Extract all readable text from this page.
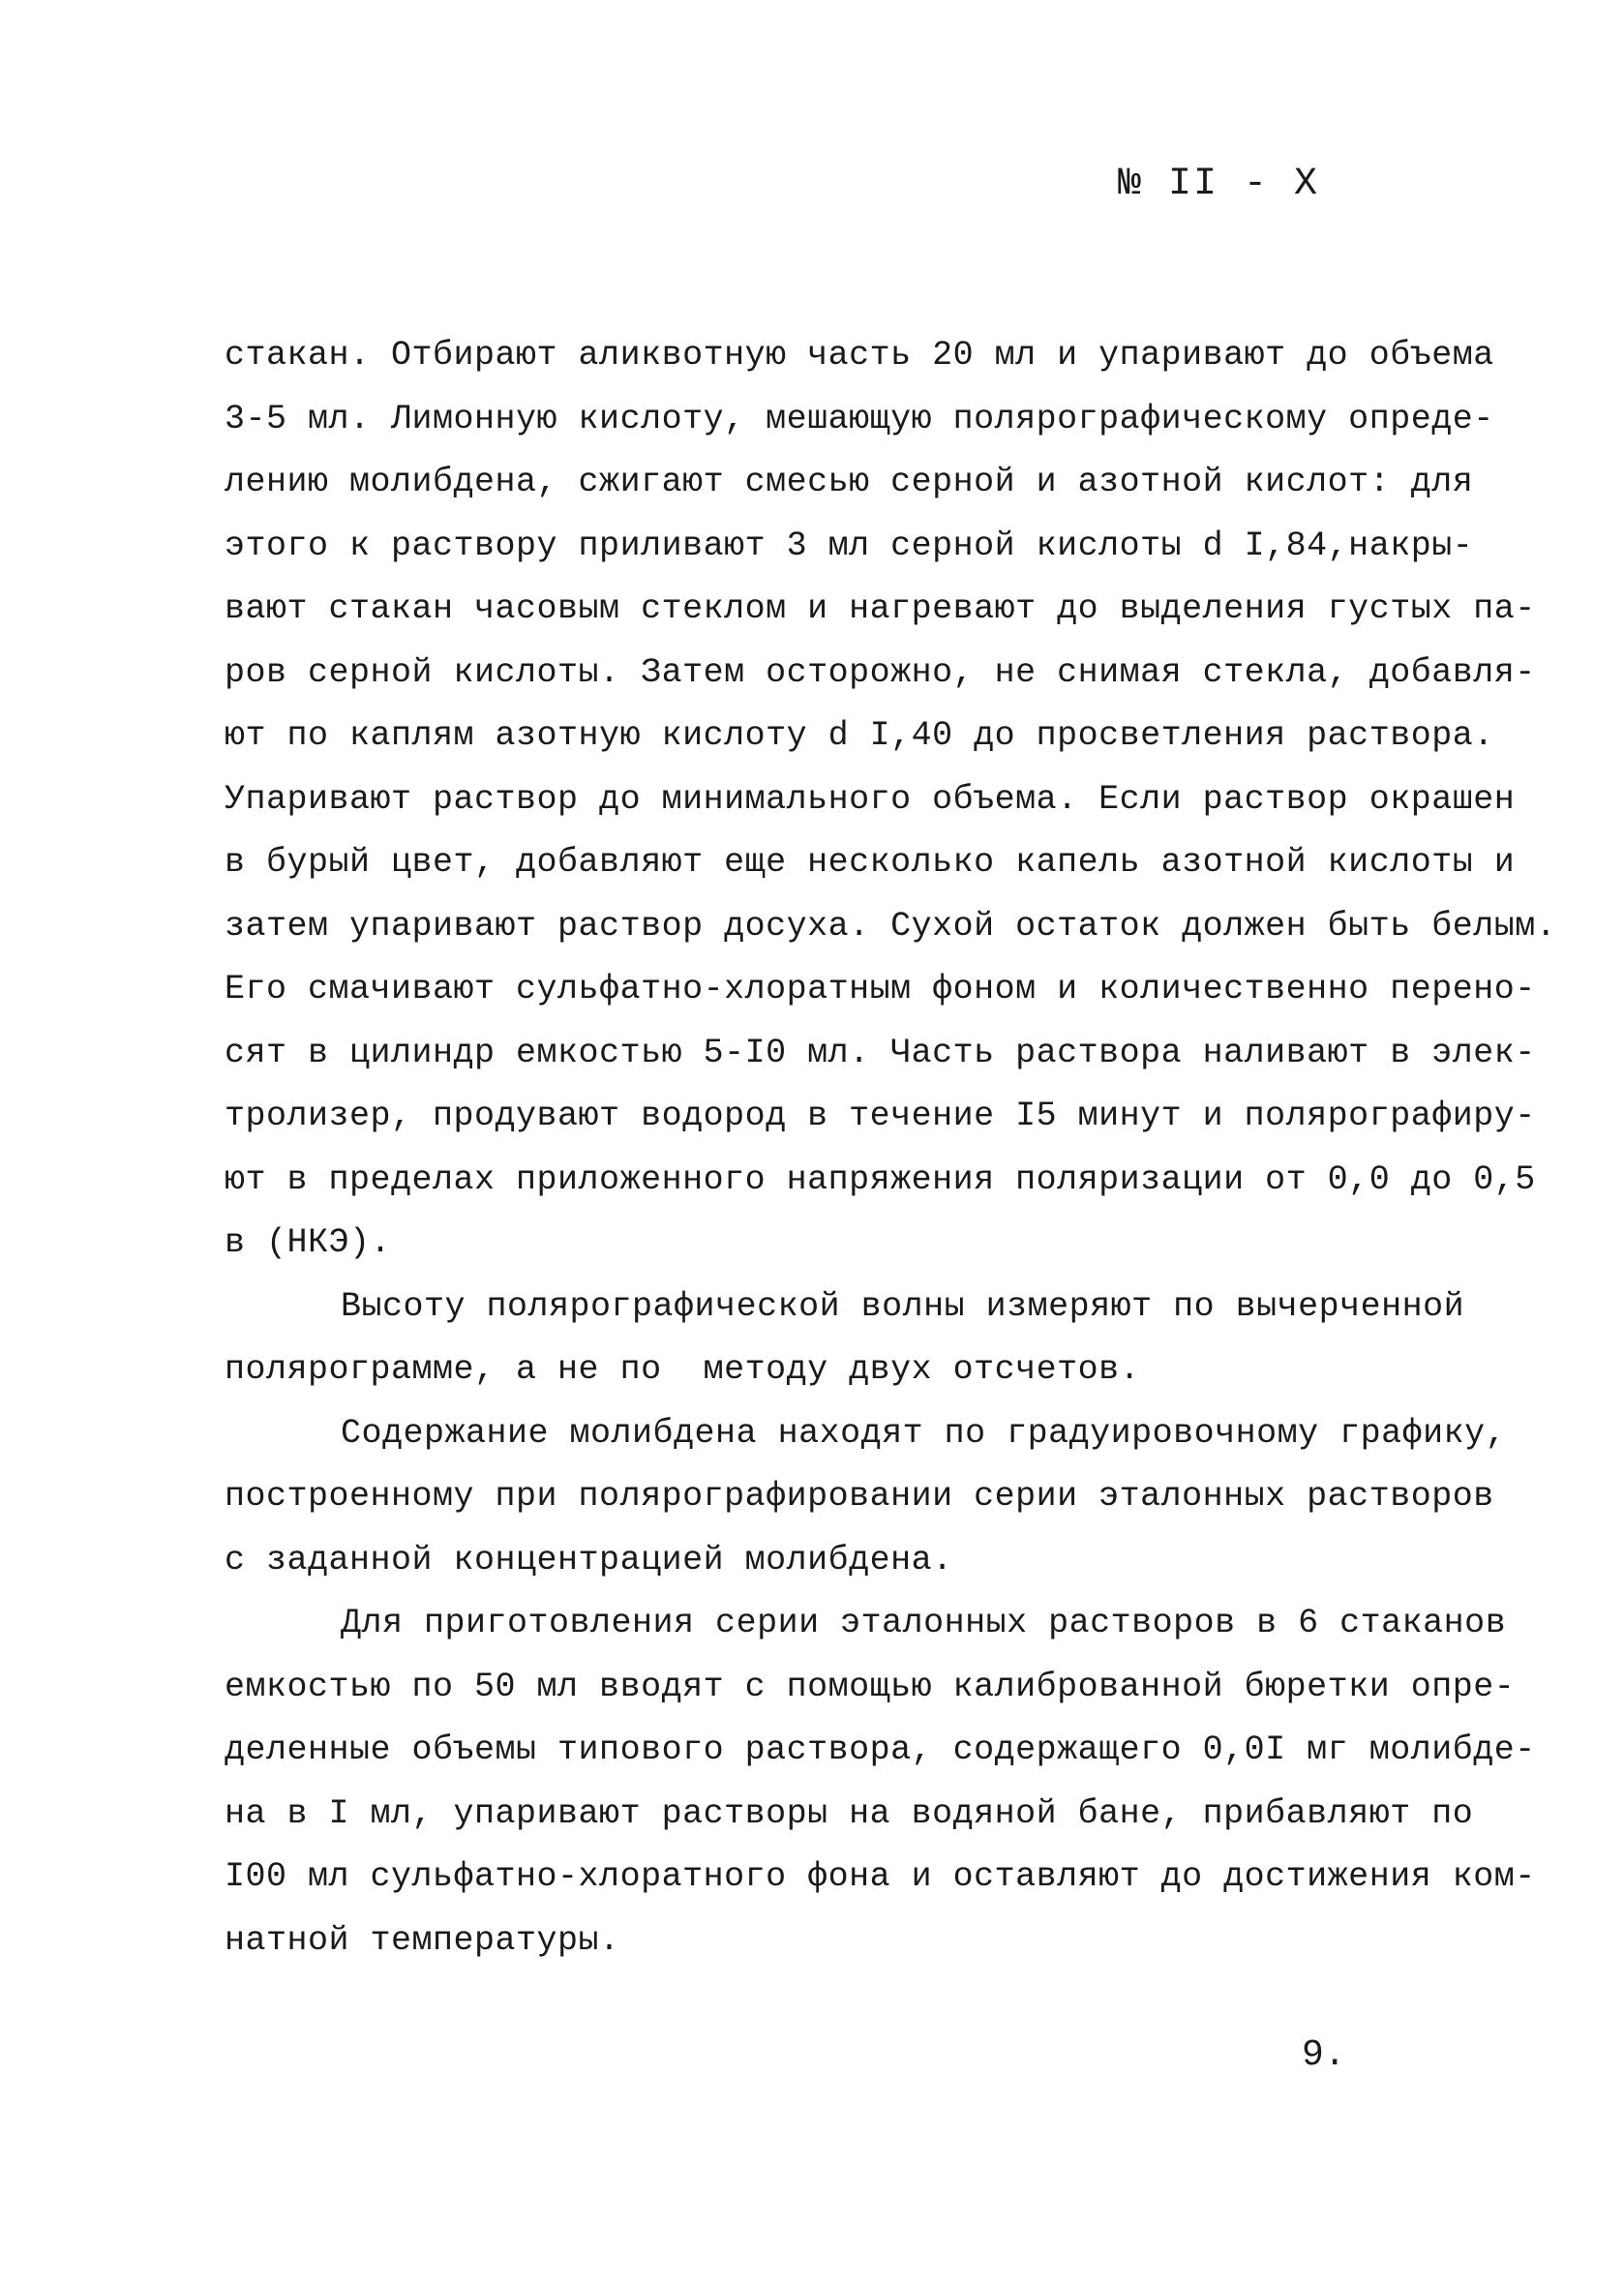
№ II - X
стакан. Отбирают аликвотную часть 20 мл и упаривают до объема
3-5 мл. Лимонную кислоту, мешающую полярографическому опреде-
лению молибдена, сжигают смесью серной и азотной кислот: для
этого к раствору приливают 3 мл серной кислоты d I,84,накры-
вают стакан часовым стеклом и нагревают до выделения густых па-
ров серной кислоты. Затем осторожно, не снимая стекла, добавля-
ют по каплям азотную кислоту d I,40 до просветления раствора.
Упаривают раствор до минимального объема. Если раствор окрашен
в бурый цвет, добавляют еще несколько капель азотной кислоты и
затем упаривают раствор досуха. Сухой остаток должен быть белым.
Его смачивают сульфатно-хлоратным фоном и количественно перено-
сят в цилиндр емкостью 5-I0 мл. Часть раствора наливают в элек-
тролизер, продувают водород в течение I5 минут и полярографиру-
ют в пределах приложенного напряжения поляризации от 0,0 до 0,5
в (НКЭ).
Высоту полярографической волны измеряют по вычерченной
полярограмме, а не по  методу двух отсчетов.
Содержание молибдена находят по градуировочному графику,
построенному при полярографировании серии эталонных растворов
с заданной концентрацией молибдена.
Для приготовления серии эталонных растворов в 6 стаканов
емкостью по 50 мл вводят с помощью калиброванной бюретки опре-
деленные объемы типового раствора, содержащего 0,0I мг молибде-
на в I мл, упаривают растворы на водяной бане, прибавляют по
I00 мл сульфатно-хлоратного фона и оставляют до достижения ком-
натной температуры.
9.
